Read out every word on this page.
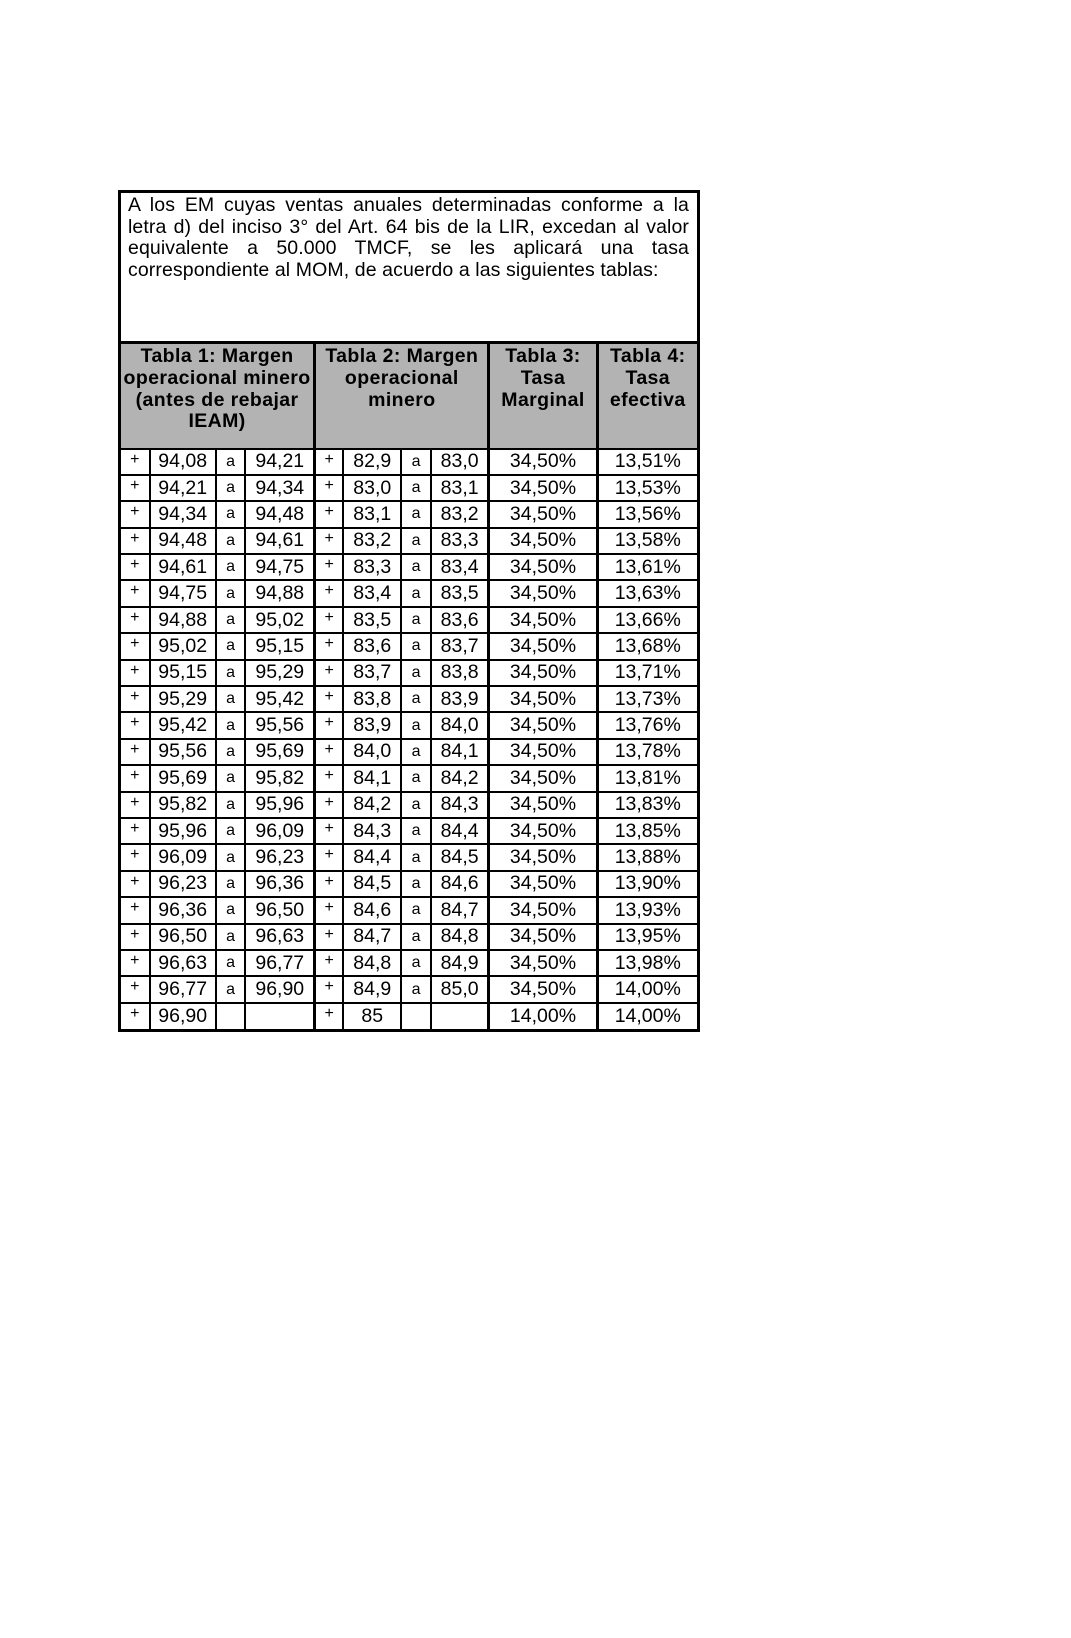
A los EM cuyas ventas anuales determinadas conforme a la letra d) del inciso 3° del Art. 64 bis de la LIR, excedan al valor equivalente a 50.000 TMCF, se les aplicará una tasa correspondiente al MOM, de acuerdo a las siguientes tablas:
Tabla 1: Margen operacional minero (antes de rebajar IEAM)				Tabla 2: Margen operacional minero				Tabla 3: Tasa Marginal	Tabla 4: Tasa efectiva
+	94,08	a	94,21	+	82,9	a	83,0	34,50%	13,51%
+	94,21	a	94,34	+	83,0	a	83,1	34,50%	13,53%
+	94,34	a	94,48	+	83,1	a	83,2	34,50%	13,56%
+	94,48	a	94,61	+	83,2	a	83,3	34,50%	13,58%
+	94,61	a	94,75	+	83,3	a	83,4	34,50%	13,61%
+	94,75	a	94,88	+	83,4	a	83,5	34,50%	13,63%
+	94,88	a	95,02	+	83,5	a	83,6	34,50%	13,66%
+	95,02	a	95,15	+	83,6	a	83,7	34,50%	13,68%
+	95,15	a	95,29	+	83,7	a	83,8	34,50%	13,71%
+	95,29	a	95,42	+	83,8	a	83,9	34,50%	13,73%
+	95,42	a	95,56	+	83,9	a	84,0	34,50%	13,76%
+	95,56	a	95,69	+	84,0	a	84,1	34,50%	13,78%
+	95,69	a	95,82	+	84,1	a	84,2	34,50%	13,81%
+	95,82	a	95,96	+	84,2	a	84,3	34,50%	13,83%
+	95,96	a	96,09	+	84,3	a	84,4	34,50%	13,85%
+	96,09	a	96,23	+	84,4	a	84,5	34,50%	13,88%
+	96,23	a	96,36	+	84,5	a	84,6	34,50%	13,90%
+	96,36	a	96,50	+	84,6	a	84,7	34,50%	13,93%
+	96,50	a	96,63	+	84,7	a	84,8	34,50%	13,95%
+	96,63	a	96,77	+	84,8	a	84,9	34,50%	13,98%
+	96,77	a	96,90	+	84,9	a	85,0	34,50%	14,00%
+	96,90			+	85			14,00%	14,00%
